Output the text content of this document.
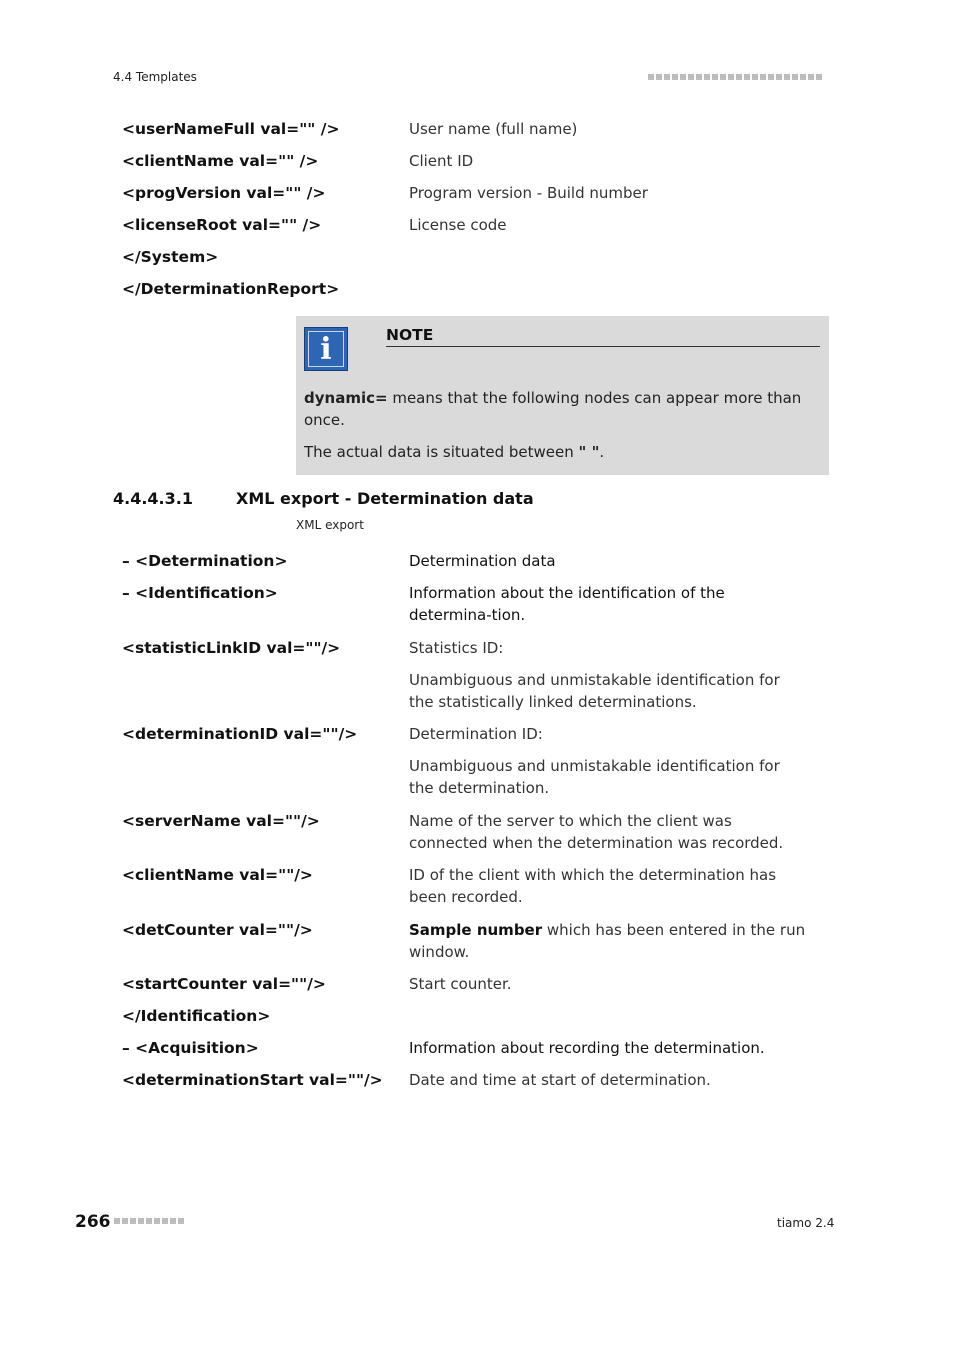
4.4 Templates
<userNameFull val="" />	User name (full name)
<clientName val="" />	Client ID
<progVersion val="" />	Program version - Build number
<licenseRoot val="" />	License code
</System>
</DeterminationReport>
i	NOTE

dynamic= means that the following nodes can appear more than once.

The actual data is situated between " ".

4.4.4.3.1	XML export - Determination data
XML export
– <Determination>	Determination data
– <Identification>	Information about the identification of the determina-tion.
<statisticLinkID val=""/>	Statistics ID:

Unambiguous and unmistakable identification for the statistically linked determinations.

<determinationID val=""/>	Determination ID:

Unambiguous and unmistakable identification for the determination.

<serverName val=""/>	Name of the server to which the client was connected when the determination was recorded.
<clientName val=""/>	ID of the client with which the determination has been recorded.
<detCounter val=""/>	Sample number which has been entered in the run window.
<startCounter val=""/>	Start counter.
</Identification>
– <Acquisition>	Information about recording the determination.
<determinationStart val=""/>	Date and time at start of determination.
266	tiamo 2.4
